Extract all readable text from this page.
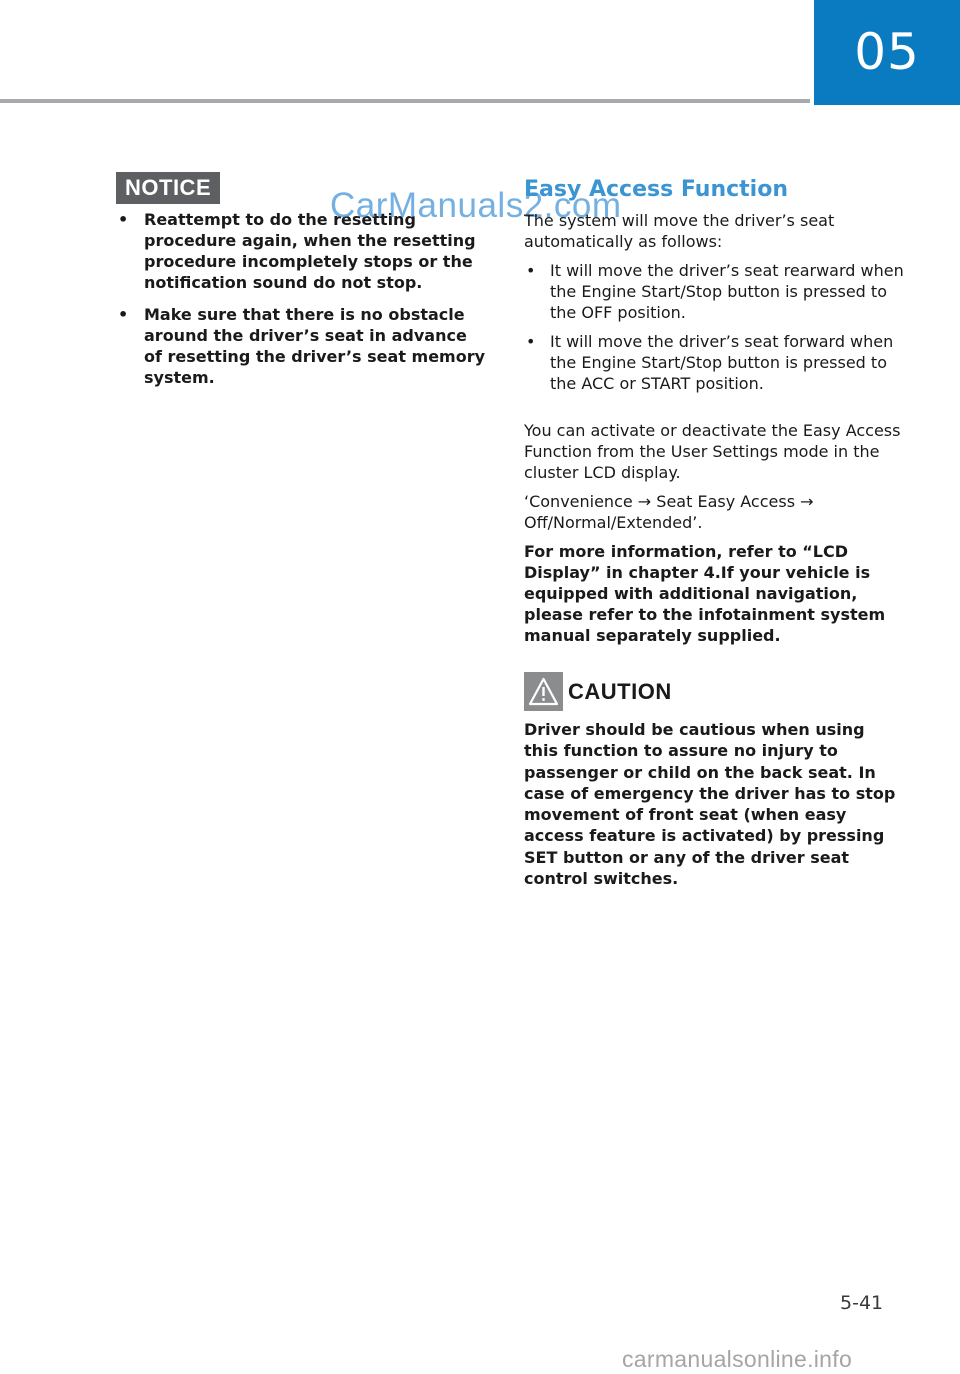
05
NOTICE
• Reattempt to do the resetting procedure again, when the resetting procedure incompletely stops or the notification sound do not stop.
• Make sure that there is no obstacle around the driver’s seat in advance of resetting the driver’s seat memory system.
CarManuals2.com
Easy Access Function

The system will move the driver’s seat automatically as follows:

• It will move the driver’s seat rearward when the Engine Start/Stop button is pressed to the OFF position.
• It will move the driver’s seat forward when the Engine Start/Stop button is pressed to the ACC or START position.

You can activate or deactivate the Easy Access Function from the User Settings mode in the cluster LCD display.

‘Convenience → Seat Easy Access → Off/Normal/Extended’.

For more information, refer to “LCD Display” in chapter 4.If your vehicle is equipped with additional navigation, please refer to the infotainment system manual separately supplied.

CAUTION

Driver should be cautious when using this function to assure no injury to passenger or child on the back seat. In case of emergency the driver has to stop movement of front seat (when easy access feature is activated) by pressing SET button or any of the driver seat control switches.

5-41
carmanualsonline.info
